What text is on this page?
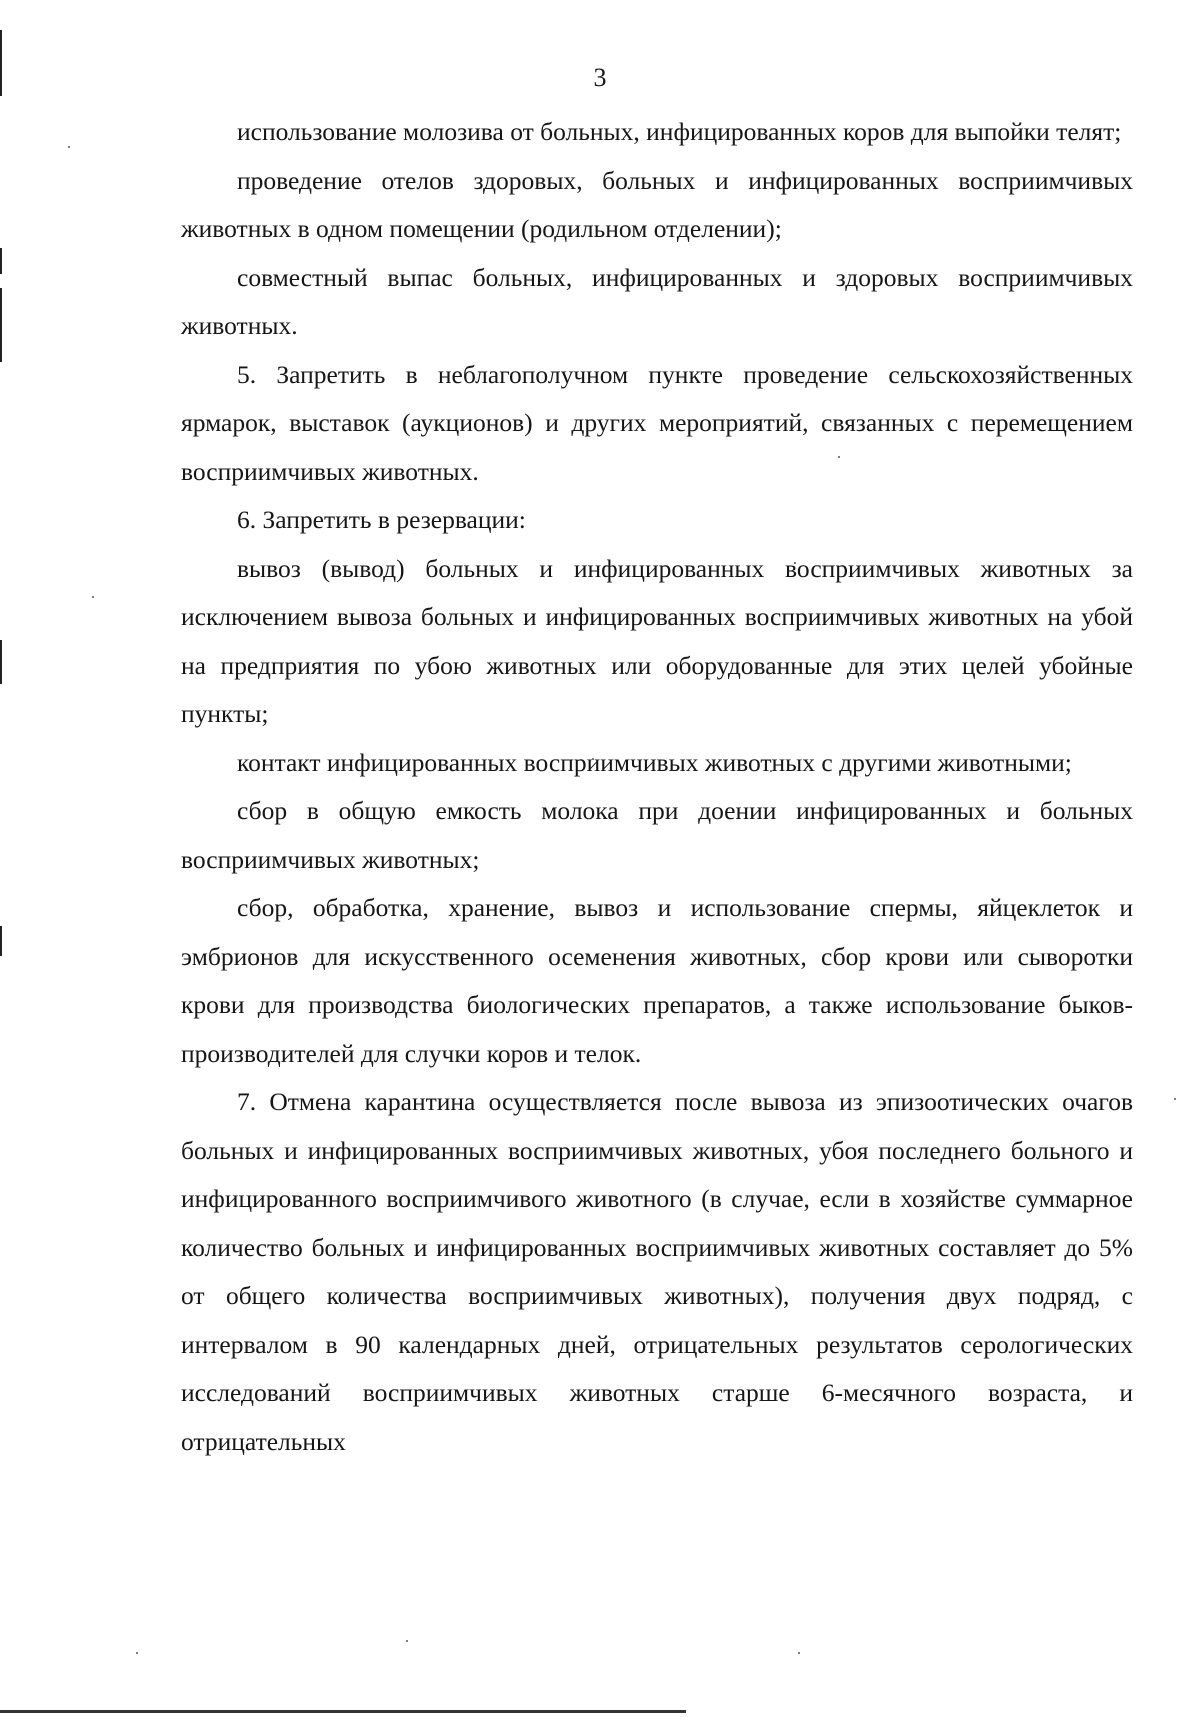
3

использование молозива от больных, инфицированных коров для выпойки телят;

проведение отелов здоровых, больных и инфицированных восприимчивых животных в одном помещении (родильном отделении);

совместный выпас больных, инфицированных и здоровых восприимчивых животных.

5. Запретить в неблагополучном пункте проведение сельскохозяйственных ярмарок, выставок (аукционов) и других мероприятий, связанных с перемещением восприимчивых животных.

6. Запретить в резервации:

вывоз (вывод) больных и инфицированных восприимчивых животных за исключением вывоза больных и инфицированных восприимчивых животных на убой на предприятия по убою животных или оборудованные для этих целей убойные пункты;

контакт инфицированных восприимчивых животных с другими животными;

сбор в общую емкость молока при доении инфицированных и больных восприимчивых животных;

сбор, обработка, хранение, вывоз и использование спермы, яйцеклеток и эмбрионов для искусственного осеменения животных, сбор крови или сыворотки крови для производства биологических препаратов, а также использование быков-производителей для случки коров и телок.

7. Отмена карантина осуществляется после вывоза из эпизоотических очагов больных и инфицированных восприимчивых животных, убоя последнего больного и инфицированного восприимчивого животного (в случае, если в хозяйстве суммарное количество больных и инфицированных восприимчивых животных составляет до 5% от общего количества восприимчивых животных), получения двух подряд, с интервалом в 90 календарных дней, отрицательных результатов серологических исследований восприимчивых животных старше 6-месячного возраста, и отрицательных
